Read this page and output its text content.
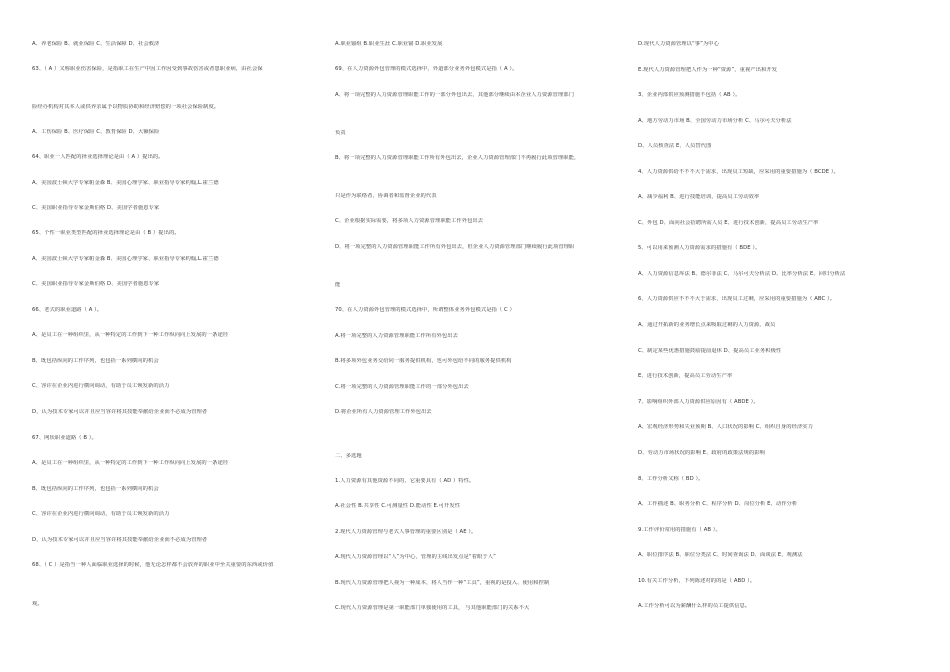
A、养老保险 B、就业保险 C、生活保障 D、社会救济
63、（ A ）又称职业伤害保险，是指职工在生产中因工作因受到事故伤害或者患职业病，由社会保
险经办机构对其本人或供养亲属予以物质协助和经济赔偿的一项社会保险制度。
A、工伤保险 B、医疗保险 C、教育保险 D、大额保险
64、职业一人匹配的择业选择理论是由（ A ）提出的。
A、美国波士顿大学专家帕金森 B、美国心理学家、职业指导专家约翰,L.霍兰德
C、美国职业指导专家金斯伯格 D、美国学者施恩专家
65、个性一职业类型匹配的择业选择理论是由（ B ）提出的。
A、美国波士顿大学专家帕金森 B、美国心理学家、职业指导专家约翰,L.霍兰德
C、美国职业指导专家金斯伯格 D、美国学者施恩专家
66、老式的职业道路（ A ）。
A、是员工在一种组织里，从一种特定的工作到下一种工作纵向向上发展的一条途径
B、既包括纵向的工作序列，也包括一系列横向的机会
C、容许在企业内进行横向调动，有助于员工焕发新的活力
D、认为技术专家可以并且应当容许将其技能奉献给企业而不必成为管理者
67、网状职业道路（ B ）。
A、是员工在一种组织里，从一种特定的工作到下一种工作纵向向上发展的一条途径
B、既包括纵向的工作序列，也包括一系列横向的机会
C、容许在企业内进行横向调动，有助于员工焕发新的活力
D、认为技术专家可以并且应当容许将其技能奉献给企业而不必成为管理者
68、（ C ）是指当一种人面临职业选择的时候，他无论怎样都不会放弃的职业中至关重要的东西或价值
观。
A.职业锚组 B.职业生涯 C.职业锚 D.职业发展
69、在人力资源外包管理的模式选择中，外道部分业务外包模式是指（ A ）。
A、将一项完整的人力资源管理职能工作的一部分外包出去，其他部分继续由本企业人力资源管理部门
负责
B、将一项完整的人力资源管理职能工作所有外包出去，企业人力资源管理部门不再履行此项管理职能，
只是作为联络者、协调者和监督企业的代表
C、企业根据实际需要，将多项人力资源管理职能工作外包出去
D、将一项完整的人力资源管理职能工作所有外包出去，但企业人力资源管理部门继续履行此项管理职
能
70、在人力资源外包管理的模式选择中，所谓整体业务外包模式是指（ C ）
A.将一项完整的人力资源管理职能工作所有外包出去
B.将多项外包业务交给同一服务提供机构，也可外包给不同的服务提供机构
C.将一项完整的人力资源管理职能工作的一部分外包出去
D.将企业所有人力资源管理工作外包出去
二、多选题
1.人力资源有其他资源不同的，它重要具有（ AD ）特性。
A.社会性 B.共享性 C.可测量性 D.能动性 E.可开发性
2.现代人力资源管理与老式人事管理的重要区别是（ AE ）。
A.现代人力资源管理以“人”为中心，管理的主线出发点是“着眼于人”
B.现代人力资源管理把人视为一种成本，将人当作一种“工具”，重视的是投入、使用和控制
C.现代人力资源管理是第一职能部门单独使用的工具， 与其他职能部门的关系不大
D.现代人力资源管理以“事”为中心
E.现代人力资源管理把人作为一种“资源”，重视产出和开发
3、企业内部供应预测措施不包括（ AB ）。
A、地方劳动力市场 B、全国劳动力市场分析 C、马尔可夫分析法
D、人员核查法 E、人员替代图
4、人力资源供给不不不大于需求，出现员工短缺，应采用的重要措施为（ BCDE ）。
A、减少福利 B、进行技能培训，提高员工劳动效率
C、外包 D、面向社会招聘所需人员 E、进行技术创新，提高员工劳动生产率
5、可以用来预测人力资源需求的措施有（ BDE ）。
A、人力资源信息库法 B、德尔菲法 C、马尔可夫分析法 D、比率分析法 E、回归分析法
6、人力资源供应不不不大于需求，出现员工过剩，应采用的重要措施为（ ABC ）。
A、通过开拓新的业务增长点来吸取过剩的人力资源，裁员
C、制定某些优惠措施鼓励提前退休 D、提高员工业务积极性
E、进行技术创新，提高员工劳动生产率
7、影响组织外部人力资源供应原因有（ ABDE ）。
A、宏观经济形势和失业预期 B、人口状况的影响 C、组织自身的经济实力
D、劳动力市场状况的影响 E、政府的政策法规的影响
8、工作分析又称（ BD ）。
A、工作描述 B、职务分析 C、程序分析 D、岗位分析 E、动作分析
9.工作评价常用的措施有（ AB ）。
A、职位排序法 B、职位分类法 C、时间查询法 D、面谈法 E、观测法
10.有关工作分析，下列陈述对的的是（ ABD ）。
A.工作分析可以为薪酬什么样的员工提供信息。
